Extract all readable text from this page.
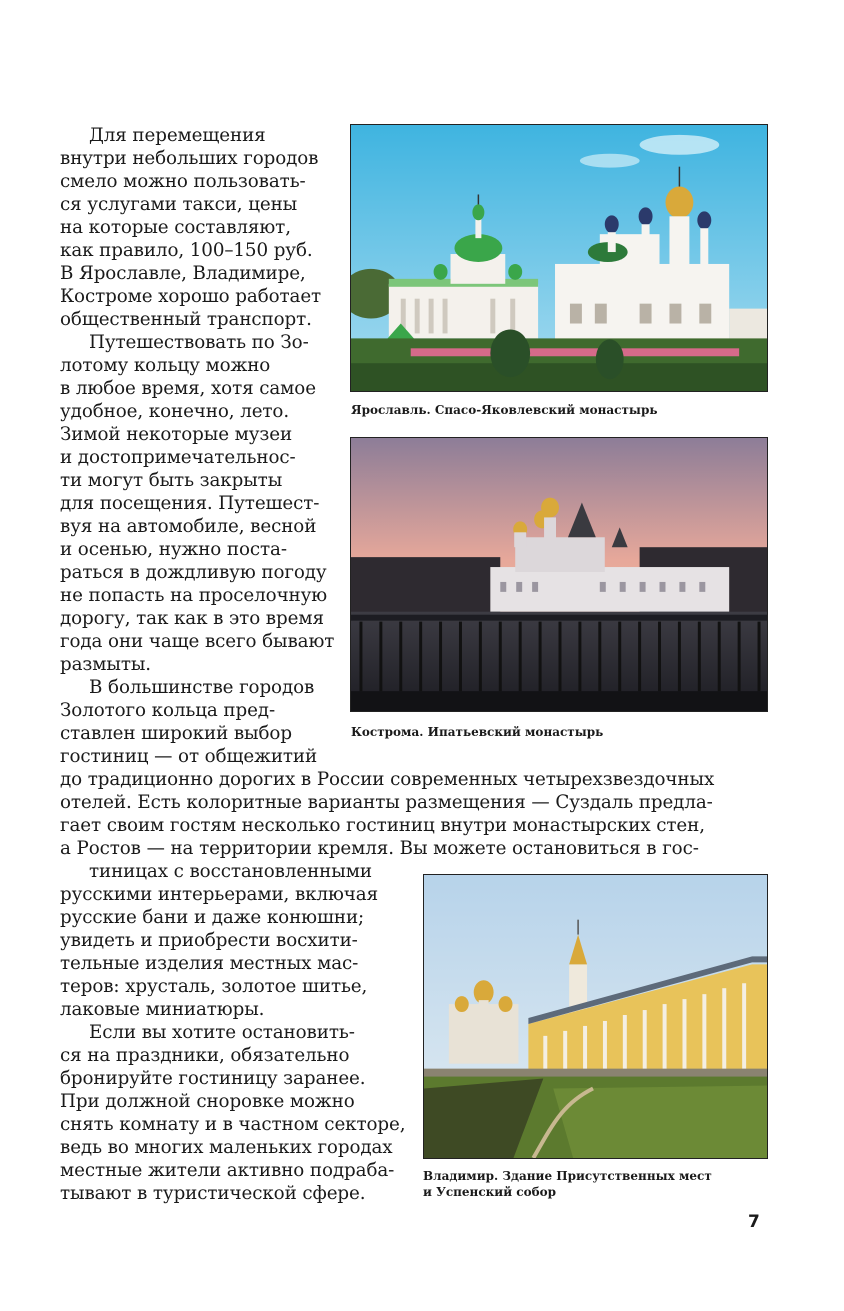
Для перемещения

внутри небольших городов

смело можно пользовать-

ся услугами такси, цены

на которые составляют,

как правило, 100–150 руб.

В Ярославле, Владимире,

Костроме хорошо работает

общественный транспорт.

Путешествовать по Зо-

лотому кольцу можно

в любое время, хотя самое

удобное, конечно, лето.

Зимой некоторые музеи

и достопримечательнос-

ти могут быть закрыты

для посещения. Путешест-

вуя на автомобиле, весной

и осенью, нужно поста-

раться в дождливую погоду

не попасть на проселочную

дорогу, так как в это время

года они чаще всего бывают

размыты.

В большинстве городов

Золотого кольца пред-

ставлен широкий выбор

гостиниц — от общежитий

до традиционно дорогих в России современных четырехзвездочных

отелей. Есть колоритные варианты размещения — Суздаль предла-

гает своим гостям несколько гостиниц внутри монастырских стен,

а Ростов — на территории кремля. Вы можете остановиться в гос-

тиницах с восстановленными

русскими интерьерами, включая

русские бани и даже конюшни;

увидеть и приобрести восхити-

тельные изделия местных мас-

теров: хрусталь, золотое шитье,

лаковые миниатюры.

Если вы хотите остановить-

ся на праздники, обязательно

бронируйте гостиницу заранее.

При должной сноровке можно

снять комнату и в частном секторе,

ведь во многих маленьких городах

местные жители активно подраба-

тывают в туристической сфере.

Ярославль. Спасо-Яковлевский монастырь

Кострома. Ипатьевский монастырь

Владимир. Здание Присутственных мест

и Успенский собор

7
